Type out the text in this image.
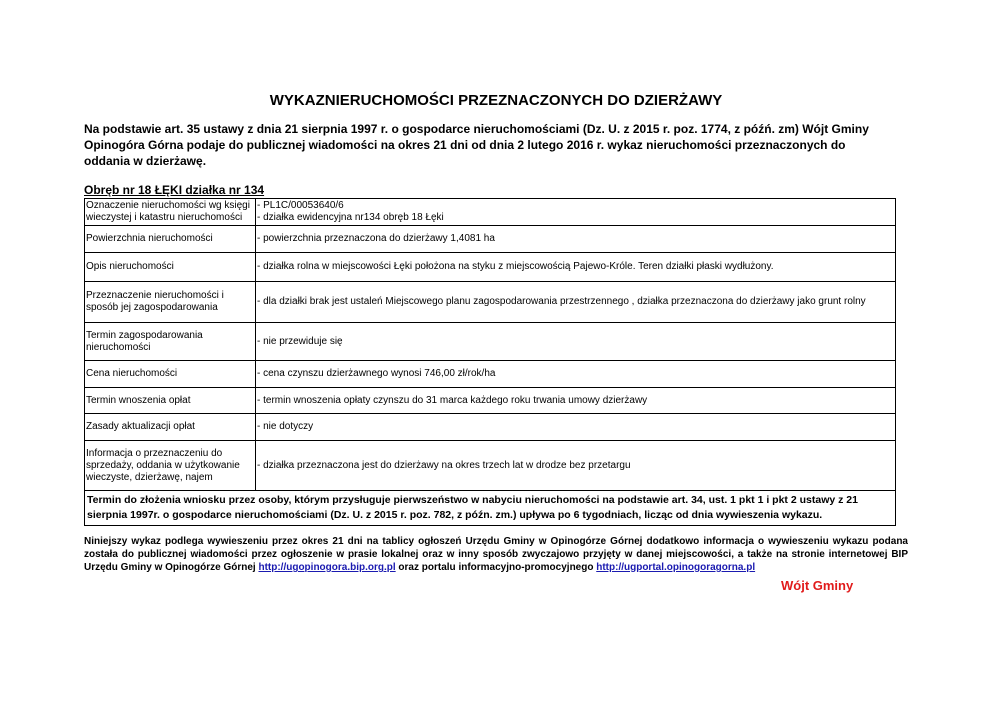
WYKAZNIERUCHOMOŚCI PRZEZNACZONYCH DO DZIERŻAWY
Na podstawie art. 35 ustawy z dnia 21 sierpnia 1997 r. o gospodarce nieruchomościami (Dz. U. z 2015 r. poz. 1774, z późń. zm) Wójt Gminy Opinogóra Górna podaje do publicznej wiadomości na okres 21 dni od dnia 2 lutego 2016 r. wykaz nieruchomości przeznaczonych do oddania w dzierżawę.
Obręb nr 18 ŁĘKI działka nr 134
Oznaczenie nieruchomości wg księgi wieczystej i katastru nieruchomości	- PL1C/00053640/6
- działka ewidencyjna nr134 obręb 18 Łęki

Powierzchnia nieruchomości	- powierzchnia przeznaczona do dzierżawy 1,4081 ha
Opis nieruchomości	- działka rolna w miejscowości Łęki położona na styku z miejscowością Pajewo-Króle. Teren działki płaski wydłużony.
Przeznaczenie nieruchomości i sposób jej zagospodarowania	- dla działki brak jest ustaleń Miejscowego planu zagospodarowania przestrzennego , działka przeznaczona do dzierżawy jako grunt rolny
Termin zagospodarowania nieruchomości	- nie przewiduje się
Cena nieruchomości	- cena czynszu dzierżawnego wynosi 746,00 zł/rok/ha
Termin wnoszenia opłat	- termin wnoszenia opłaty czynszu do 31 marca każdego roku trwania umowy dzierżawy
Zasady aktualizacji opłat	- nie dotyczy
Informacja o przeznaczeniu do sprzedaży, oddania w użytkowanie wieczyste, dzierżawę, najem	- działka przeznaczona jest do dzierżawy na okres trzech lat w drodze bez przetargu
Termin do złożenia wniosku przez osoby, którym przysługuje pierwszeństwo w nabyciu nieruchomości na podstawie art. 34, ust. 1 pkt 1 i pkt 2 ustawy z 21 sierpnia 1997r. o gospodarce nieruchomościami (Dz. U. z 2015 r. poz. 782, z późn. zm.) upływa po 6 tygodniach, licząc od dnia wywieszenia wykazu.	
Niniejszy wykaz podlega wywieszeniu przez okres 21 dni na tablicy ogłoszeń Urzędu Gminy w Opinogórze Górnej dodatkowo informacja o wywieszeniu wykazu podana została do publicznej wiadomości przez ogłoszenie w prasie lokalnej oraz w inny sposób zwyczajowo przyjęty w danej miejscowości, a także na stronie internetowej BIP Urzędu Gminy w Opinogórze Górnej http://ugopinogora.bip.org.pl oraz portalu informacyjno-promocyjnego http://ugportal.opinogoragorna.pl
Wójt Gminy
